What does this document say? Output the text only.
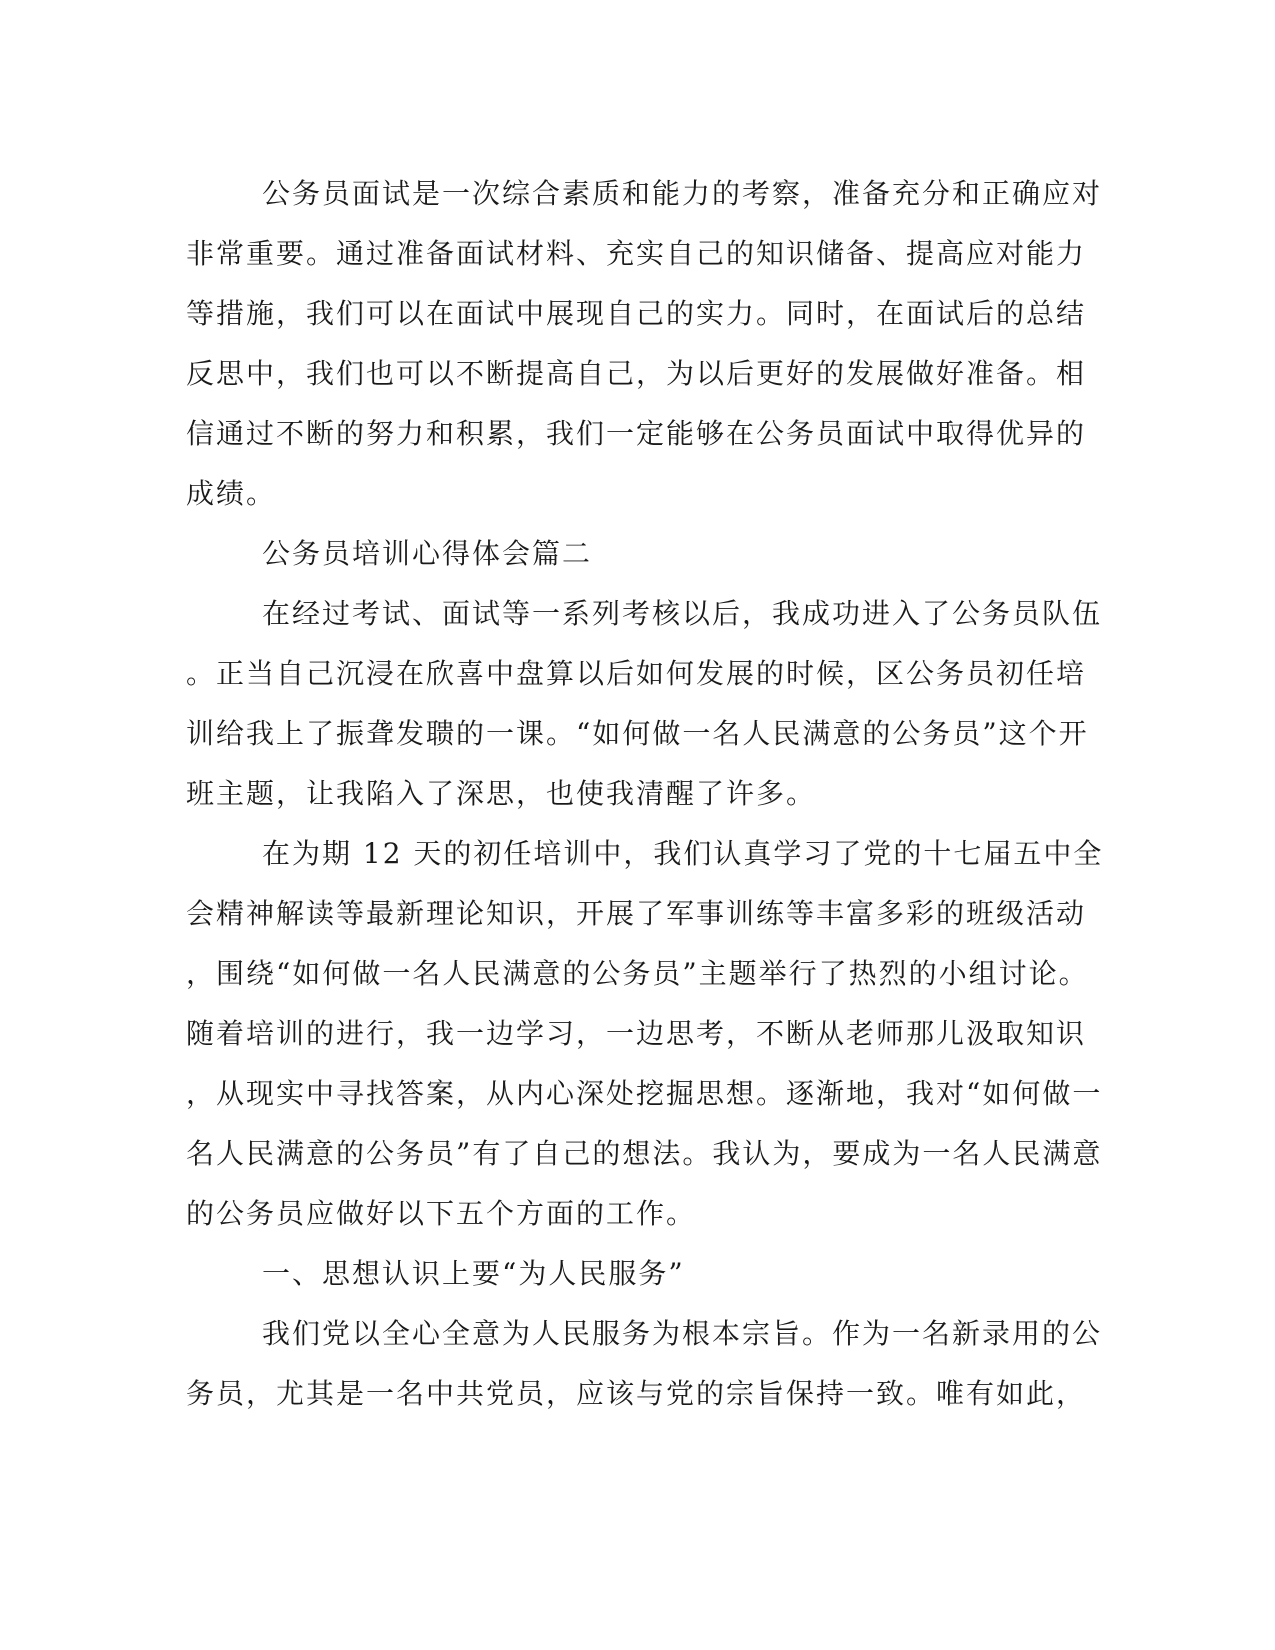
公务员面试是一次综合素质和能力的考察，准备充分和正确应对
非常重要。通过准备面试材料、充实自己的知识储备、提高应对能力
等措施，我们可以在面试中展现自己的实力。同时，在面试后的总结
反思中，我们也可以不断提高自己，为以后更好的发展做好准备。相
信通过不断的努力和积累，我们一定能够在公务员面试中取得优异的
成绩。
公务员培训心得体会篇二
在经过考试、面试等一系列考核以后，我成功进入了公务员队伍
。正当自己沉浸在欣喜中盘算以后如何发展的时候，区公务员初任培
训给我上了振聋发聩的一课。“如何做一名人民满意的公务员”这个开
班主题，让我陷入了深思，也使我清醒了许多。
在为期 12 天的初任培训中，我们认真学习了党的十七届五中全
会精神解读等最新理论知识，开展了军事训练等丰富多彩的班级活动
，围绕“如何做一名人民满意的公务员”主题举行了热烈的小组讨论。
随着培训的进行，我一边学习，一边思考，不断从老师那儿汲取知识
，从现实中寻找答案，从内心深处挖掘思想。逐渐地，我对“如何做一
名人民满意的公务员”有了自己的想法。我认为，要成为一名人民满意
的公务员应做好以下五个方面的工作。
一、思想认识上要“为人民服务”
我们党以全心全意为人民服务为根本宗旨。作为一名新录用的公
务员，尤其是一名中共党员，应该与党的宗旨保持一致。唯有如此，
